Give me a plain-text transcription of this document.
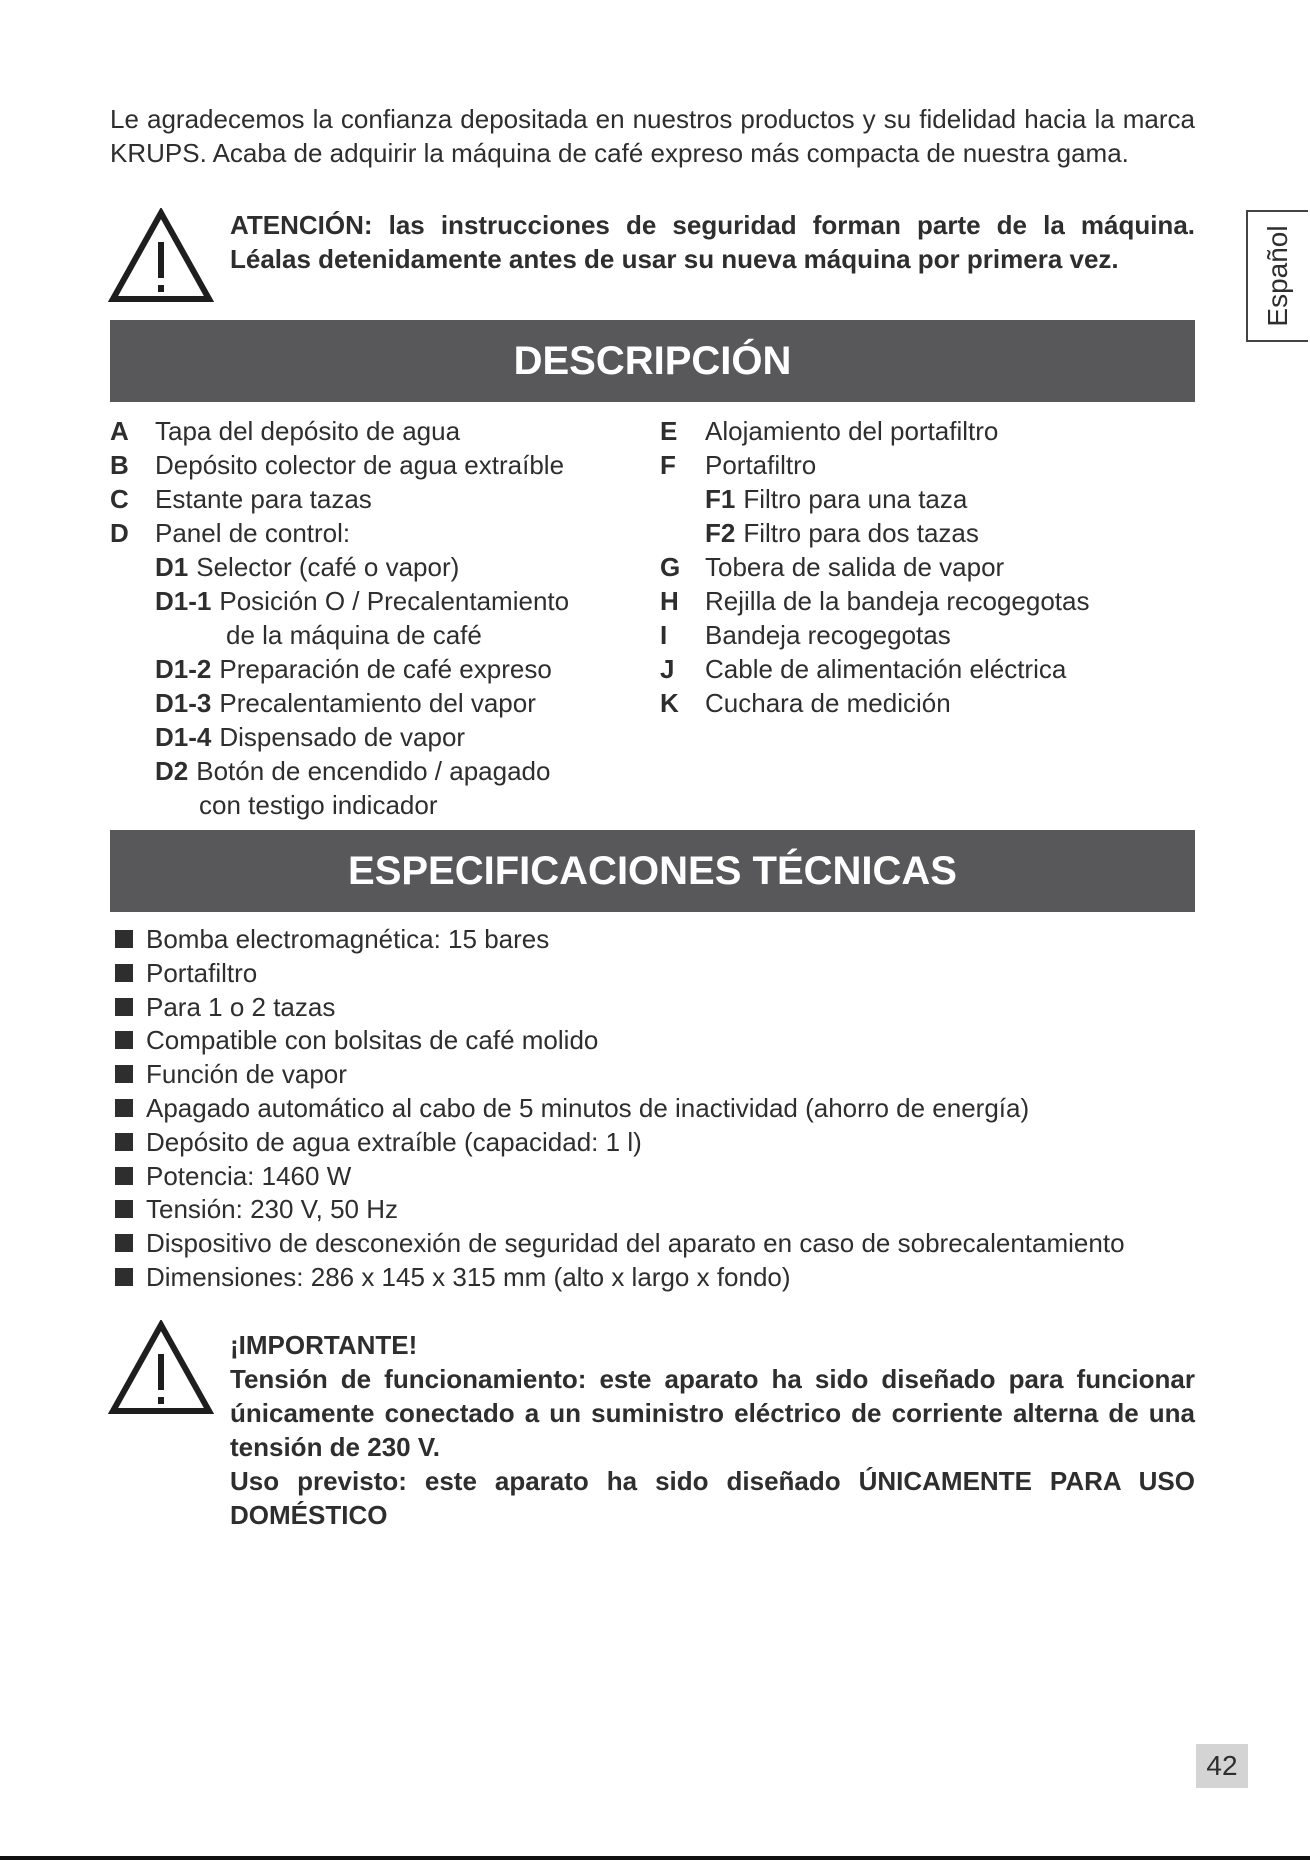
Le agradecemos la confianza depositada en nuestros productos y su fidelidad hacia la marca KRUPS. Acaba de adquirir la máquina de café expreso más compacta de nuestra gama.

ATENCIÓN: las instrucciones de seguridad forman parte de la máquina. Léalas detenidamente antes de usar su nueva máquina por primera vez.

DESCRIPCIÓN
A Tapa del depósito de agua
B Depósito colector de agua extraíble
C Estante para tazas
D Panel de control:
D1 Selector (café o vapor)
D1-1 Posición O / Precalentamiento
de la máquina de café
D1-2 Preparación de café expreso
D1-3 Precalentamiento del vapor
D1-4 Dispensado de vapor
D2 Botón de encendido / apagado
con testigo indicador
E Alojamiento del portafiltro
F Portafiltro
F1 Filtro para una taza
F2 Filtro para dos tazas
G Tobera de salida de vapor
H Rejilla de la bandeja recogegotas
I Bandeja recogegotas
J Cable de alimentación eléctrica
K Cuchara de medición
ESPECIFICACIONES TÉCNICAS
Bomba electromagnética: 15 bares
Portafiltro
Para 1 o 2 tazas
Compatible con bolsitas de café molido
Función de vapor
Apagado automático al cabo de 5 minutos de inactividad (ahorro de energía)
Depósito de agua extraíble (capacidad: 1 l)
Potencia: 1460 W
Tensión: 230 V, 50 Hz
Dispositivo de desconexión de seguridad del aparato en caso de sobrecalentamiento
Dimensiones: 286 x 145 x 315 mm (alto x largo x fondo)

¡IMPORTANTE!

Tensión de funcionamiento: este aparato ha sido diseñado para funcionar únicamente conectado a un suministro eléctrico de corriente alterna de una tensión de 230 V.

Uso previsto: este aparato ha sido diseñado ÚNICAMENTE PARA USO DOMÉSTICO

Español
42
